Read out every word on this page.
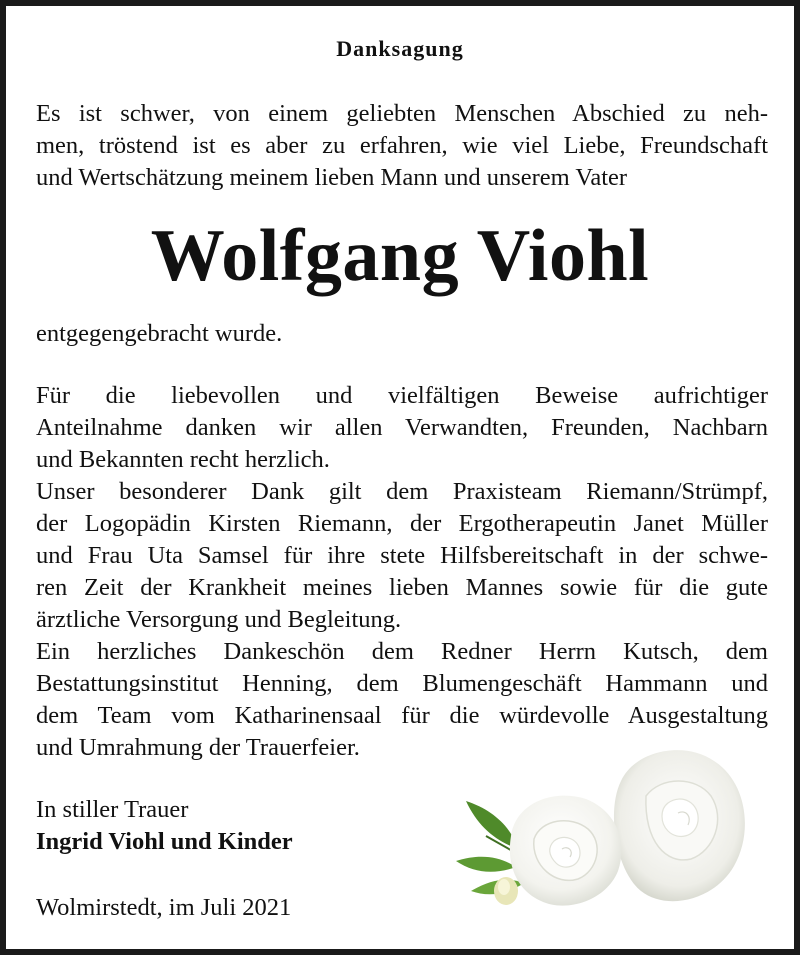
Danksagung
Es ist schwer, von einem geliebten Menschen Abschied zu neh-
men, tröstend ist es aber zu erfahren, wie viel Liebe, Freundschaft
und Wertschätzung meinem lieben Mann und unserem Vater
Wolfgang Viohl
entgegengebracht wurde.
Für die liebevollen und vielfältigen Beweise aufrichtiger
Anteilnahme danken wir allen Verwandten, Freunden, Nachbarn
und Bekannten recht herzlich.
Unser besonderer Dank gilt dem Praxisteam Riemann/Strümpf,
der Logopädin Kirsten Riemann, der Ergotherapeutin Janet Müller
und Frau Uta Samsel für ihre stete Hilfsbereitschaft in der schwe-
ren Zeit der Krankheit meines lieben Mannes sowie für die gute
ärztliche Versorgung und Begleitung.
Ein herzliches Dankeschön dem Redner Herrn Kutsch, dem
Bestattungsinstitut Henning, dem Blumengeschäft Hammann und
dem Team vom Katharinensaal für die würdevolle Ausgestaltung
und Umrahmung der Trauerfeier.
In stiller Trauer
Ingrid Viohl und Kinder
Wolmirstedt, im Juli 2021
